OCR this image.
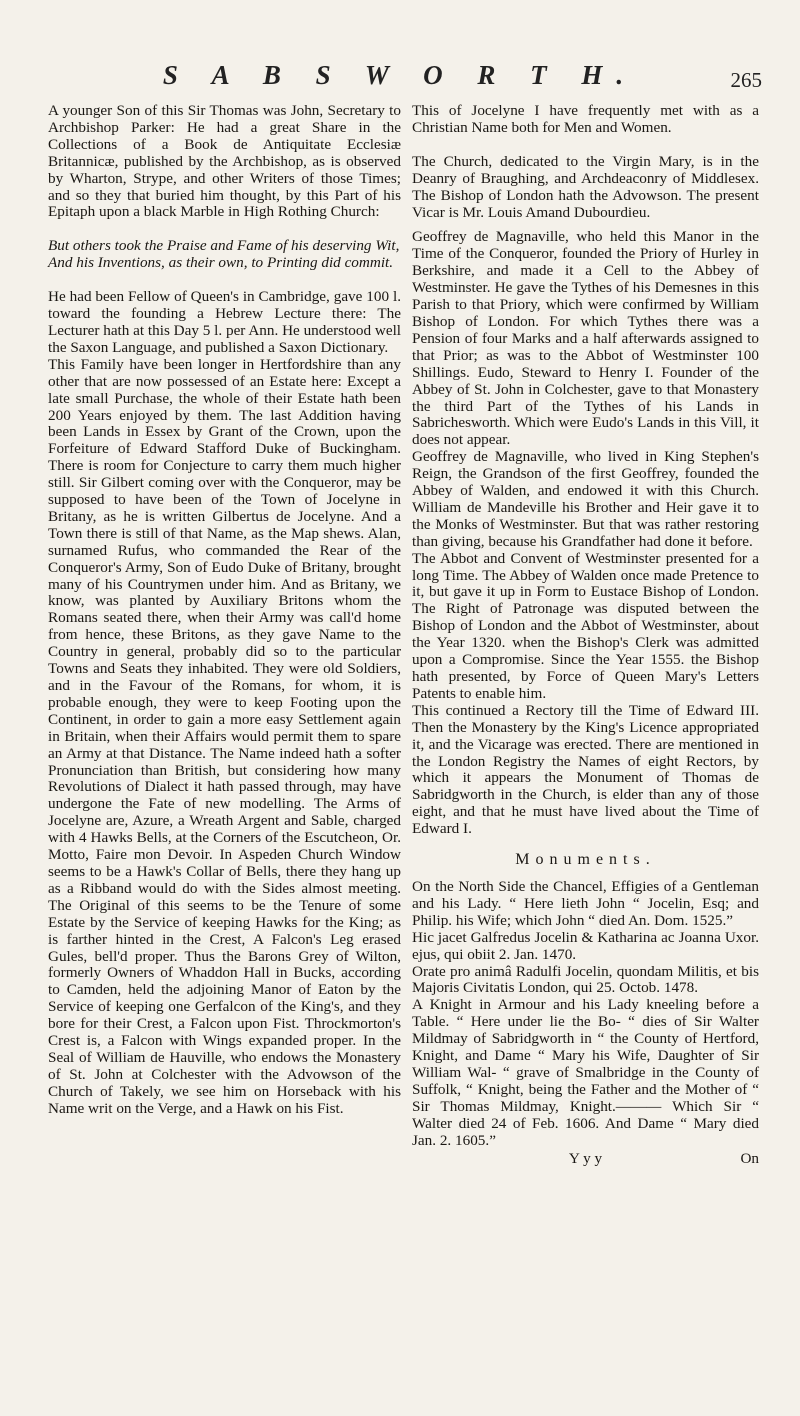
S A B S W O R T H.	265

A younger Son of this Sir Thomas was John, Secretary to Archbishop Parker: He had a great Share in the Collections of a Book de Antiquitate Ecclesiæ Britannicæ, published by the Archbishop, as is observed by Wharton, Strype, and other Writers of those Times; and so they that buried him thought, by this Part of his Epitaph upon a black Marble in High Rothing Church:

But others took the Praise and Fame of his deserving Wit,

And his Inventions, as their own, to Printing did commit.

He had been Fellow of Queen's in Cambridge, gave 100 l. toward the founding a Hebrew Lecture there: The Lecturer hath at this Day 5 l. per Ann. He understood well the Saxon Language, and published a Saxon Dictionary.

This Family have been longer in Hertfordshire than any other that are now possessed of an Estate here: Except a late small Purchase, the whole of their Estate hath been 200 Years enjoyed by them. The last Addition having been Lands in Essex by Grant of the Crown, upon the Forfeiture of Edward Stafford Duke of Buckingham. There is room for Conjecture to carry them much higher still. Sir Gilbert coming over with the Conqueror, may be supposed to have been of the Town of Jocelyne in Britany, as he is written Gilbertus de Jocelyne. And a Town there is still of that Name, as the Map shews. Alan, surnamed Rufus, who commanded the Rear of the Conqueror's Army, Son of Eudo Duke of Britany, brought many of his Countrymen under him. And as Britany, we know, was planted by Auxiliary Britons whom the Romans seated there, when their Army was call'd home from hence, these Britons, as they gave Name to the Country in general, probably did so to the particular Towns and Seats they inhabited. They were old Soldiers, and in the Favour of the Romans, for whom, it is probable enough, they were to keep Footing upon the Continent, in order to gain a more easy Settlement again in Britain, when their Affairs would permit them to spare an Army at that Distance. The Name indeed hath a softer Pronunciation than British, but considering how many Revolutions of Dialect it hath passed through, may have undergone the Fate of new modelling. The Arms of Jocelyne are, Azure, a Wreath Argent and Sable, charged with 4 Hawks Bells, at the Corners of the Escutcheon, Or. Motto, Faire mon Devoir. In Aspeden Church Window seems to be a Hawk's Collar of Bells, there they hang up as a Ribband would do with the Sides almost meeting. The Original of this seems to be the Tenure of some Estate by the Service of keeping Hawks for the King; as is farther hinted in the Crest, A Falcon's Leg erased Gules, bell'd proper. Thus the Barons Grey of Wilton, formerly Owners of Whaddon Hall in Bucks, according to Camden, held the adjoining Manor of Eaton by the Service of keeping one Gerfalcon of the King's, and they bore for their Crest, a Falcon upon Fist. Throckmorton's Crest is, a Falcon with Wings expanded proper. In the Seal of William de Hauville, who endows the Monastery of St. John at Colchester with the Advowson of the Church of Takely, we see him on Horseback with his Name writ on the Verge, and a Hawk on his Fist.

This of Jocelyne I have frequently met with as a Christian Name both for Men and Women.

The Church, dedicated to the Virgin Mary, is in the Deanry of Braughing, and Archdeaconry of Middlesex. The Bishop of London hath the Advowson. The present Vicar is Mr. Louis Amand Dubourdieu.

Geoffrey de Magnaville, who held this Manor in the Time of the Conqueror, founded the Priory of Hurley in Berkshire, and made it a Cell to the Abbey of Westminster. He gave the Tythes of his Demesnes in this Parish to that Priory, which were confirmed by William Bishop of London. For which Tythes there was a Pension of four Marks and a half afterwards assigned to that Prior; as was to the Abbot of Westminster 100 Shillings. Eudo, Steward to Henry I. Founder of the Abbey of St. John in Colchester, gave to that Monastery the third Part of the Tythes of his Lands in Sabrichesworth. Which were Eudo's Lands in this Vill, it does not appear.

Geoffrey de Magnaville, who lived in King Stephen's Reign, the Grandson of the first Geoffrey, founded the Abbey of Walden, and endowed it with this Church. William de Mandeville his Brother and Heir gave it to the Monks of Westminster. But that was rather restoring than giving, because his Grandfather had done it before.

The Abbot and Convent of Westminster presented for a long Time. The Abbey of Walden once made Pretence to it, but gave it up in Form to Eustace Bishop of London. The Right of Patronage was disputed between the Bishop of London and the Abbot of Westminster, about the Year 1320. when the Bishop's Clerk was admitted upon a Compromise. Since the Year 1555. the Bishop hath presented, by Force of Queen Mary's Letters Patents to enable him.

This continued a Rectory till the Time of Edward III. Then the Monastery by the King's Licence appropriated it, and the Vicarage was erected. There are mentioned in the London Registry the Names of eight Rectors, by which it appears the Monument of Thomas de Sabridgworth in the Church, is elder than any of those eight, and that he must have lived about the Time of Edward I.

Monuments.

On the North Side the Chancel, Effigies of a Gentleman and his Lady. “ Here lieth John “ Jocelin, Esq; and Philip. his Wife; which John “ died An. Dom. 1525.”

Hic jacet Galfredus Jocelin & Katharina ac Joanna Uxor. ejus, qui obiit 2. Jan. 1470.

Orate pro animâ Radulfi Jocelin, quondam Militis, et bis Majoris Civitatis London, qui 25. Octob. 1478.

A Knight in Armour and his Lady kneeling before a Table. “ Here under lie the Bo- “ dies of Sir Walter Mildmay of Sabridgworth in “ the County of Hertford, Knight, and Dame “ Mary his Wife, Daughter of Sir William Wal- “ grave of Smalbridge in the County of Suffolk, “ Knight, being the Father and the Mother of “ Sir Thomas Mildmay, Knight.——— Which Sir “ Walter died 24 of Feb. 1606. And Dame “ Mary died Jan. 2. 1605.”

Y y y	On
